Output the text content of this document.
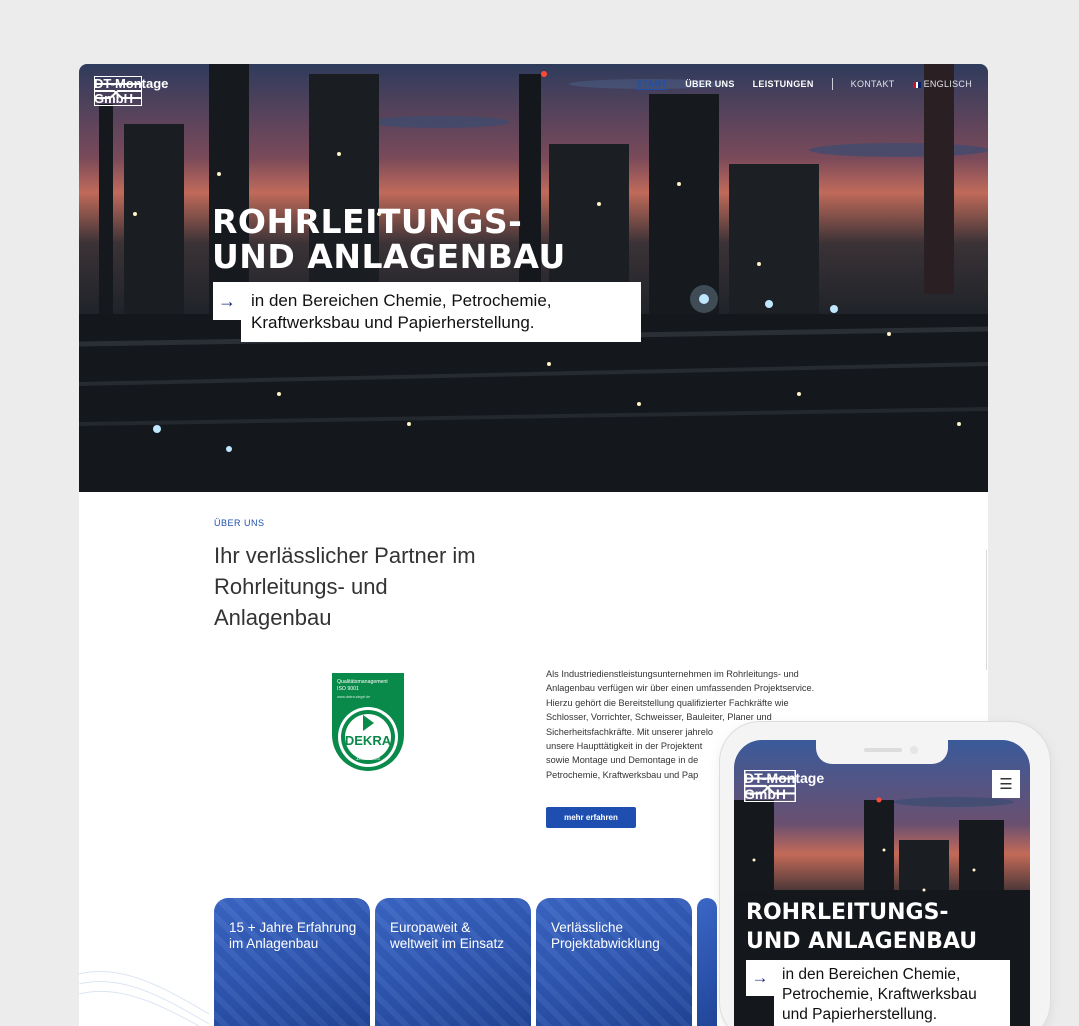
DT-Montage
GmbH
START ÜBER UNS LEISTUNGEN	KONTAKT	ENGLISCH
ROHRLEITUNGS-
UND ANLAGENBAU
→ in den Bereichen Chemie, Petrochemie,
Kraftwerksbau und Papierherstellung.
ÜBER UNS
Ihr verlässlicher Partner im
Rohrleitungs- und
Anlagenbau
Qualitätsmanagement
ISO 9001
www.dekra-siegel.de
DEKRA
zertifiziert
Als Industriedienstleistungsunternehmen im Rohrleitungs- und
Anlagenbau verfügen wir über einen umfassenden Projektservice.
Hierzu gehört die Bereitstellung qualifizierter Fachkräfte wie
Schlosser, Vorrichter, Schweisser, Bauleiter, Planer und
Sicherheitsfachkräfte. Mit unserer jahrelo
unsere Haupttätigkeit in der Projektent
sowie Montage und Demontage in de
Petrochemie, Kraftwerksbau und Pap
mehr erfahren
15 + Jahre Erfahrung
im Anlagenbau
Europaweit &
weltweit im Einsatz
Verlässliche
Projektabwicklung
DT-Montage
GmbH
☰
ROHRLEITUNGS-
UND ANLAGENBAU
→ in den Bereichen Chemie,
Petrochemie, Kraftwerksbau
und Papierherstellung.
